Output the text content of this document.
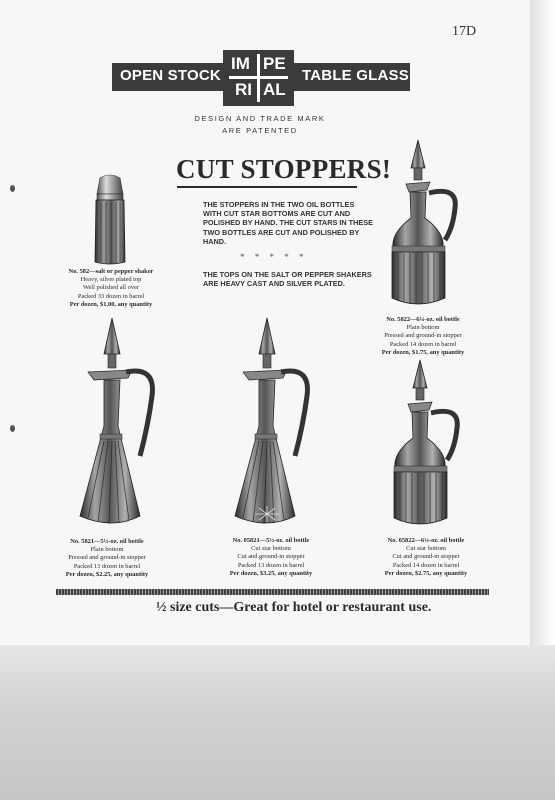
17D
OPEN STOCK	TABLE GLASS
IM PE
RI AL
DESIGN AND TRADE MARK
ARE PATENTED
CUT STOPPERS!

THE STOPPERS IN THE TWO OIL BOTTLES WITH CUT STAR BOTTOMS ARE CUT AND POLISHED BY HAND. THE CUT STARS IN THESE TWO BOTTLES ARE CUT AND POLISHED BY HAND.

* * * * *

THE TOPS ON THE SALT OR PEPPER SHAKERS ARE HEAVY CAST AND SILVER PLATED.

No. 582—salt or pepper shaker
Heavy, silver plated top
Well polished all over
Packed 33 dozen in barrel
Per dozen, $1.00, any quantity
No. 5822—6¼-oz. oil bottle
Plain bottom
Pressed and ground-in stopper
Packed 14 dozen in barrel
Per dozen, $1.75, any quantity
No. 5821—5½-oz. oil bottle
Plain bottom
Pressed and ground-in stopper
Packed 13 dozen in barrel
Per dozen, $2.25, any quantity
No. 05821—5½-oz. oil bottle
Cut star bottom
Cut and ground-in stopper
Packed 13 dozen in barrel
Per dozen, $3.25, any quantity
No. 05822—6¼-oz. oil bottle
Cut star bottom
Cut and ground-in stopper
Packed 14 dozen in barrel
Per dozen, $2.75, any quantity
½ size cuts—Great for hotel or restaurant use.
